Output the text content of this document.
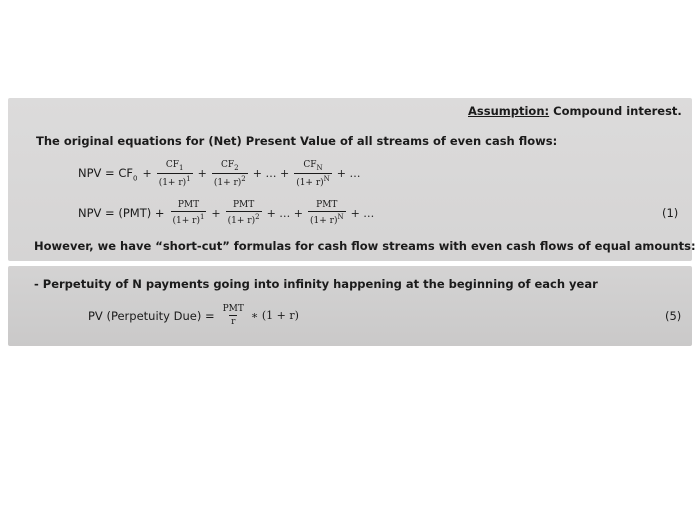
Assumption: Compound interest.
The original equations for (Net) Present Value of all streams of even cash flows:
NPV = $CF_0 + \frac{CF_1}{(1+ r)^1} + \frac{CF_2}{(1+ r)^2}$ + … + $\frac{CF_N}{(1+ r)^N}$ + …
NPV = $(PMT) + \frac{\text{PMT}}{(1+ r)^1} + \frac{\text{PMT}}{(1+ r)^2}$ + … + $\frac{\text{PMT}}{(1+ r)^N}$ + …	(1)
However, we have “short-cut” formulas for cash flow streams with even cash flows of equal amounts:
- Perpetuity of N payments going into infinity happening at the beginning of each year
PV (Perpetuity $Due) = \frac{\text{PMT}}{r}$ ∗ (1 + r)	(5)
